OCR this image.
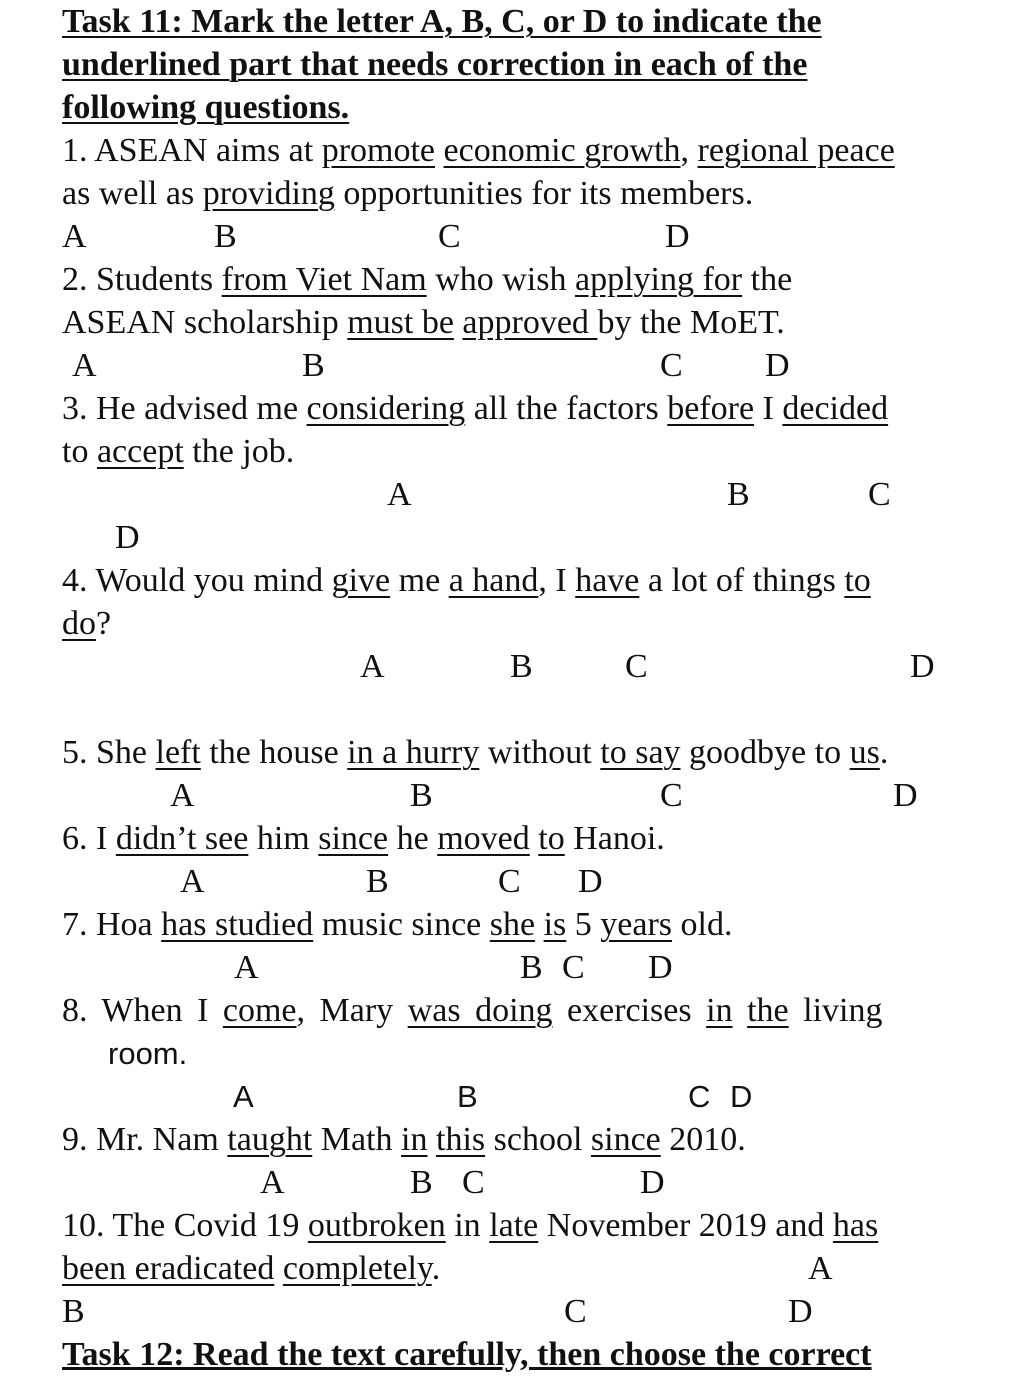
Task 11: Mark the letter A, B, C, or D to indicate the
underlined part that needs correction in each of the
following questions.
1. ASEAN aims at promote economic growth, regional peace
as well as providing opportunities for its members.
A	B	C	D
2. Students from Viet Nam who wish applying for the
ASEAN scholarship must be approved by the MoET.
A	B	C D
3. He advised me considering all the factors before I decided
to accept the job.
A	B	C
D
4. Would you mind give me a hand, I have a lot of things to
do?
A	B	C	D
5. She left the house in a hurry without to say goodbye to us.
A	B	C	D
6. I didn’t see him since he moved to Hanoi.
A	B	C D
7. Hoa has studied music since she is 5 years old.
A	B C D
8. When I come, Mary was doing exercises in the living
room.
A	B	C D
9. Mr. Nam taught Math in this school since 2010.
A	B C	D
10. The Covid 19 outbroken in late November 2019 and has
been eradicated completely.	A
B	C	D
Task 12: Read the text carefully, then choose the correct
